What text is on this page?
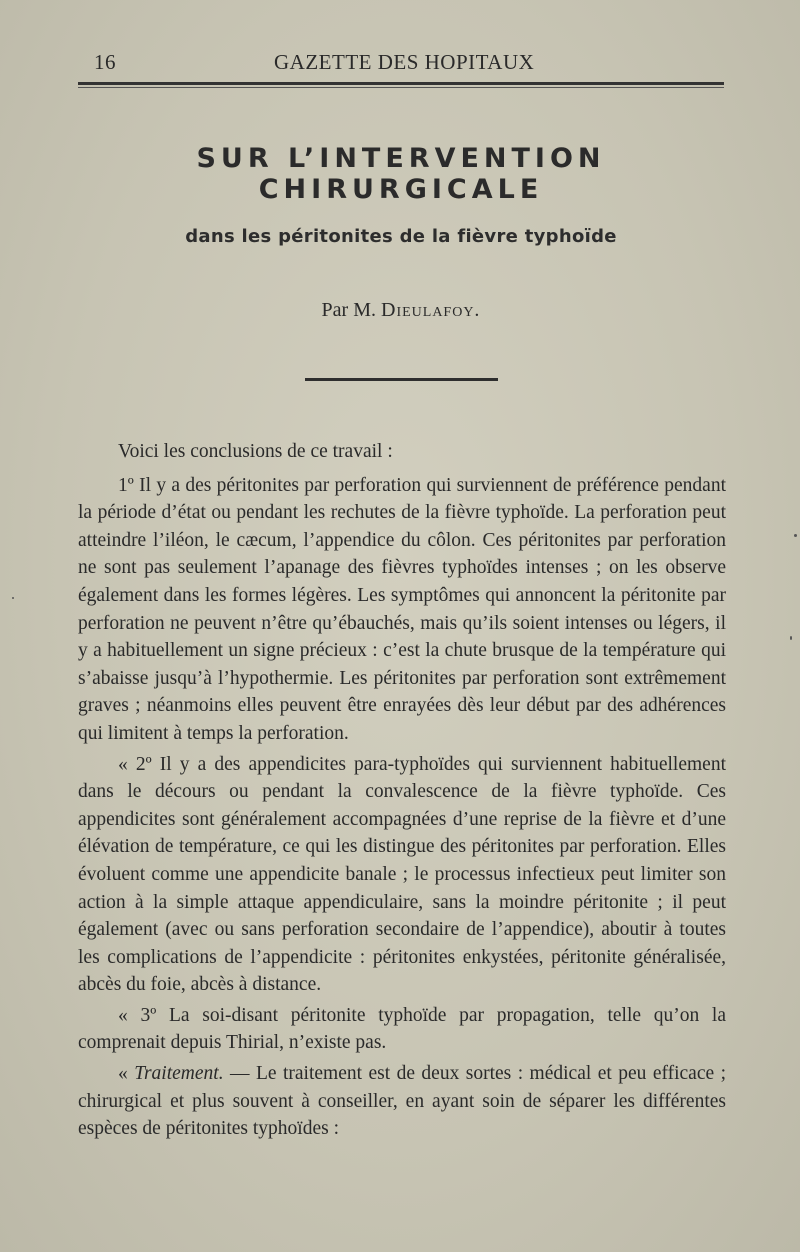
16	GAZETTE DES HOPITAUX
SUR L’INTERVENTION CHIRURGICALE
dans les péritonites de la fièvre typhoïde
Par M. Dieulafoy.

Voici les conclusions de ce travail :

1º Il y a des péritonites par perforation qui surviennent de préférence pendant la période d’état ou pendant les rechutes de la fièvre typhoïde. La perforation peut atteindre l’iléon, le cæcum, l’appendice du côlon. Ces péritonites par perforation ne sont pas seulement l’apanage des fièvres typhoïdes intenses ; on les observe également dans les formes légères. Les symptômes qui annoncent la péritonite par perforation ne peuvent n’être qu’ébauchés, mais qu’ils soient intenses ou légers, il y a habituellement un signe précieux : c’est la chute brusque de la température qui s’abaisse jusqu’à l’hypothermie. Les péritonites par perforation sont extrêmement graves ; néanmoins elles peuvent être enrayées dès leur début par des adhérences qui limitent à temps la perforation.

« 2º Il y a des appendicites para-typhoïdes qui surviennent habituellement dans le décours ou pendant la convalescence de la fièvre typhoïde. Ces appendicites sont généralement accompagnées d’une reprise de la fièvre et d’une élévation de température, ce qui les distingue des péritonites par perforation. Elles évoluent comme une appendicite banale ; le processus infectieux peut limiter son action à la simple attaque appendiculaire, sans la moindre péritonite ; il peut également (avec ou sans perforation secondaire de l’appendice), aboutir à toutes les complications de l’appendicite : péritonites enkystées, péritonite généralisée, abcès du foie, abcès à distance.

« 3º La soi-disant péritonite typhoïde par propagation, telle qu’on la comprenait depuis Thirial, n’existe pas.

« Traitement. — Le traitement est de deux sortes : médical et peu efficace ; chirurgical et plus souvent à conseiller, en ayant soin de séparer les différentes espèces de péritonites typhoïdes :
